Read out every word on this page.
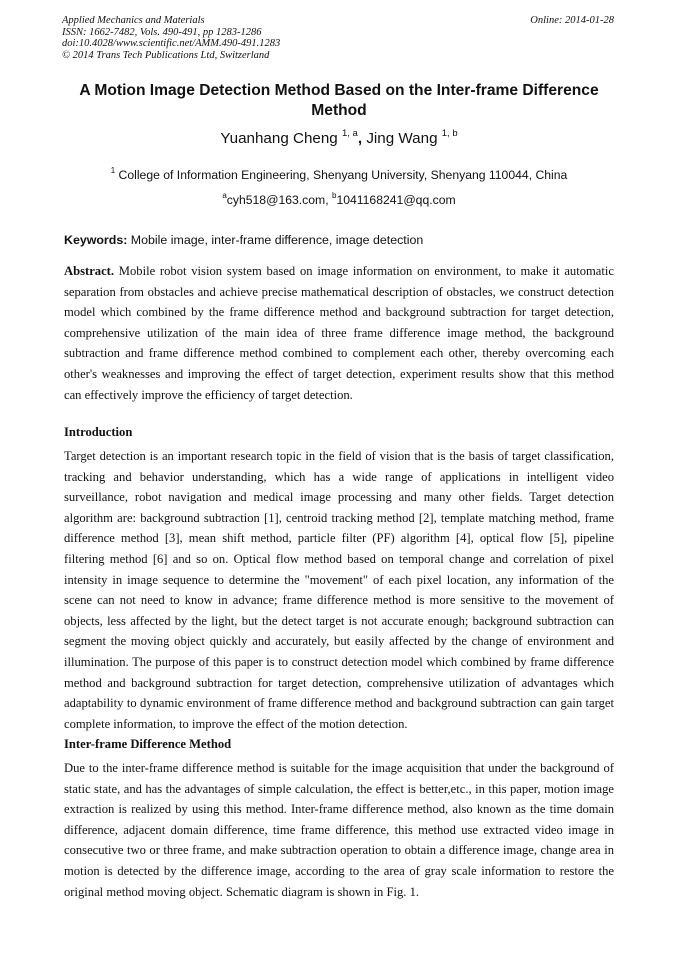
Applied Mechanics and Materials
ISSN: 1662-7482, Vols. 490-491, pp 1283-1286
doi:10.4028/www.scientific.net/AMM.490-491.1283
© 2014 Trans Tech Publications Ltd, Switzerland
Online: 2014-01-28
A Motion Image Detection Method Based on the Inter-frame Difference Method
Yuanhang Cheng $^{1, a}$, Jing Wang $^{1, b}$
$^1$ College of Information Engineering, Shenyang University, Shenyang 110044, China
$^a$cyh518@163.com, $^b$1041168241@qq.com
Keywords: Mobile image, inter-frame difference, image detection
Abstract. Mobile robot vision system based on image information on environment, to make it automatic separation from obstacles and achieve precise mathematical description of obstacles, we construct detection model which combined by the frame difference method and background subtraction for target detection, comprehensive utilization of the main idea of three frame difference image method, the background subtraction and frame difference method combined to complement each other, thereby overcoming each other's weaknesses and improving the effect of target detection, experiment results show that this method can effectively improve the efficiency of target detection.
Introduction
Target detection is an important research topic in the field of vision that is the basis of target classification, tracking and behavior understanding, which has a wide range of applications in intelligent video surveillance, robot navigation and medical image processing and many other fields. Target detection algorithm are: background subtraction [1], centroid tracking method [2], template matching method, frame difference method [3], mean shift method, particle filter (PF) algorithm [4], optical flow [5], pipeline filtering method [6] and so on. Optical flow method based on temporal change and correlation of pixel intensity in image sequence to determine the "movement" of each pixel location, any information of the scene can not need to know in advance; frame difference method is more sensitive to the movement of objects, less affected by the light, but the detect target is not accurate enough; background subtraction can segment the moving object quickly and accurately, but easily affected by the change of environment and illumination. The purpose of this paper is to construct detection model which combined by frame difference method and background subtraction for target detection, comprehensive utilization of advantages which adaptability to dynamic environment of frame difference method and background subtraction can gain target complete information, to improve the effect of the motion detection.
Inter-frame Difference Method
Due to the inter-frame difference method is suitable for the image acquisition that under the background of static state, and has the advantages of simple calculation, the effect is better,etc., in this paper, motion image extraction is realized by using this method. Inter-frame difference method, also known as the time domain difference, adjacent domain difference, time frame difference, this method use extracted video image in consecutive two or three frame, and make subtraction operation to obtain a difference image, change area in motion is detected by the difference image, according to the area of gray scale information to restore the original method moving object. Schematic diagram is shown in Fig. 1.
